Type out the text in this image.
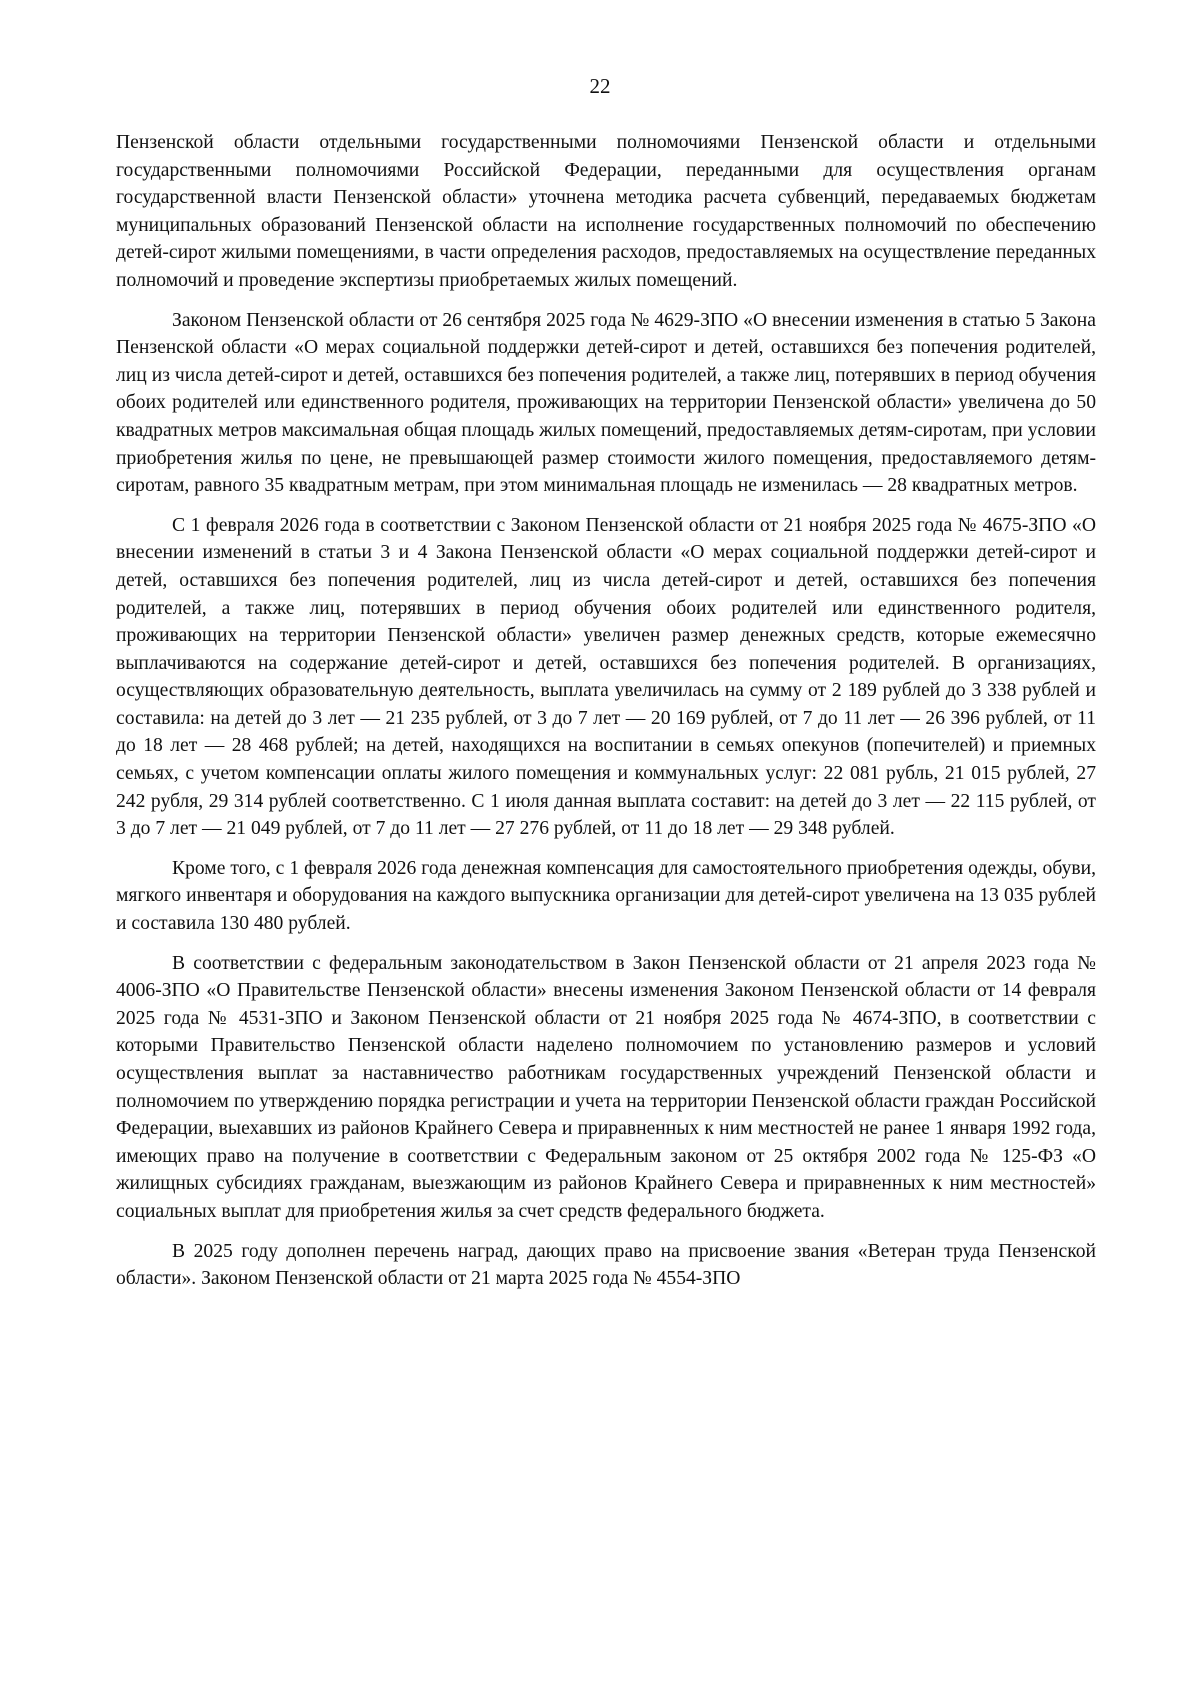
22

Пензенской области отдельными государственными полномочиями Пензенской области и отдельными государственными полномочиями Российской Федерации, переданными для осуществления органам государственной власти Пензенской области» уточнена методика расчета субвенций, передаваемых бюджетам муниципальных образований Пензенской области на исполнение государственных полномочий по обеспечению детей-сирот жилыми помещениями, в части определения расходов, предоставляемых на осуществление переданных полномочий и проведение экспертизы приобретаемых жилых помещений.

Законом Пензенской области от 26 сентября 2025 года № 4629-ЗПО «О внесении изменения в статью 5 Закона Пензенской области «О мерах социальной поддержки детей-сирот и детей, оставшихся без попечения родителей, лиц из числа детей-сирот и детей, оставшихся без попечения родителей, а также лиц, потерявших в период обучения обоих родителей или единственного родителя, проживающих на территории Пензенской области» увеличена до 50 квадратных метров максимальная общая площадь жилых помещений, предоставляемых детям-сиротам, при условии приобретения жилья по цене, не превышающей размер стоимости жилого помещения, предоставляемого детям-сиротам, равного 35 квадратным метрам, при этом минимальная площадь не изменилась — 28 квадратных метров.

С 1 февраля 2026 года в соответствии с Законом Пензенской области от 21 ноября 2025 года № 4675-ЗПО «О внесении изменений в статьи 3 и 4 Закона Пензенской области «О мерах социальной поддержки детей-сирот и детей, оставшихся без попечения родителей, лиц из числа детей-сирот и детей, оставшихся без попечения родителей, а также лиц, потерявших в период обучения обоих родителей или единственного родителя, проживающих на территории Пензенской области» увеличен размер денежных средств, которые ежемесячно выплачиваются на содержание детей-сирот и детей, оставшихся без попечения родителей. В организациях, осуществляющих образовательную деятельность, выплата увеличилась на сумму от 2 189 рублей до 3 338 рублей и составила: на детей до 3 лет — 21 235 рублей, от 3 до 7 лет — 20 169 рублей, от 7 до 11 лет — 26 396 рублей, от 11 до 18 лет — 28 468 рублей; на детей, находящихся на воспитании в семьях опекунов (попечителей) и приемных семьях, с учетом компенсации оплаты жилого помещения и коммунальных услуг: 22 081 рубль, 21 015 рублей, 27 242 рубля, 29 314 рублей соответственно. С 1 июля данная выплата составит: на детей до 3 лет — 22 115 рублей, от 3 до 7 лет — 21 049 рублей, от 7 до 11 лет — 27 276 рублей, от 11 до 18 лет — 29 348 рублей.

Кроме того, с 1 февраля 2026 года денежная компенсация для самостоятельного приобретения одежды, обуви, мягкого инвентаря и оборудования на каждого выпускника организации для детей-сирот увеличена на 13 035 рублей и составила 130 480 рублей.

В соответствии с федеральным законодательством в Закон Пензенской области от 21 апреля 2023 года № 4006-ЗПО «О Правительстве Пензенской области» внесены изменения Законом Пензенской области от 14 февраля 2025 года № 4531-ЗПО и Законом Пензенской области от 21 ноября 2025 года № 4674-ЗПО, в соответствии с которыми Правительство Пензенской области наделено полномочием по установлению размеров и условий осуществления выплат за наставничество работникам государственных учреждений Пензенской области и полномочием по утверждению порядка регистрации и учета на территории Пензенской области граждан Российской Федерации, выехавших из районов Крайнего Севера и приравненных к ним местностей не ранее 1 января 1992 года, имеющих право на получение в соответствии с Федеральным законом от 25 октября 2002 года № 125-ФЗ «О жилищных субсидиях гражданам, выезжающим из районов Крайнего Севера и приравненных к ним местностей» социальных выплат для приобретения жилья за счет средств федерального бюджета.

В 2025 году дополнен перечень наград, дающих право на присвоение звания «Ветеран труда Пензенской области». Законом Пензенской области от 21 марта 2025 года № 4554-ЗПО
